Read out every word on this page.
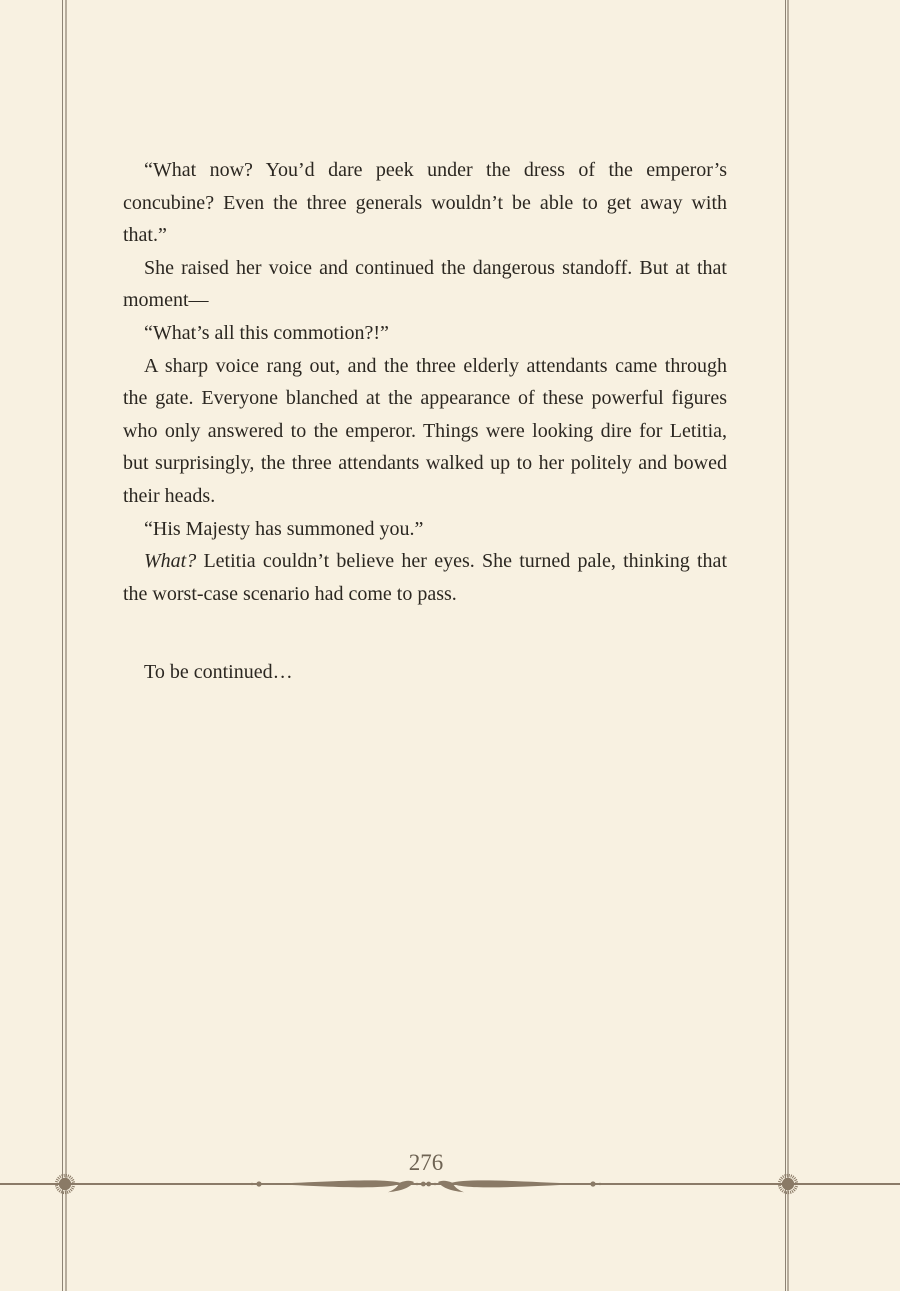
“What now? You’d dare peek under the dress of the emperor’s concubine? Even the three generals wouldn’t be able to get away with that.”

She raised her voice and continued the dangerous standoff. But at that moment—

“What’s all this commotion?!”

A sharp voice rang out, and the three elderly attendants came through the gate. Everyone blanched at the appearance of these powerful figures who only answered to the emperor. Things were looking dire for Letitia, but surprisingly, the three attendants walked up to her politely and bowed their heads.

“His Majesty has summoned you.”

What? Letitia couldn’t believe her eyes. She turned pale, thinking that the worst-case scenario had come to pass.

To be continued…

276
